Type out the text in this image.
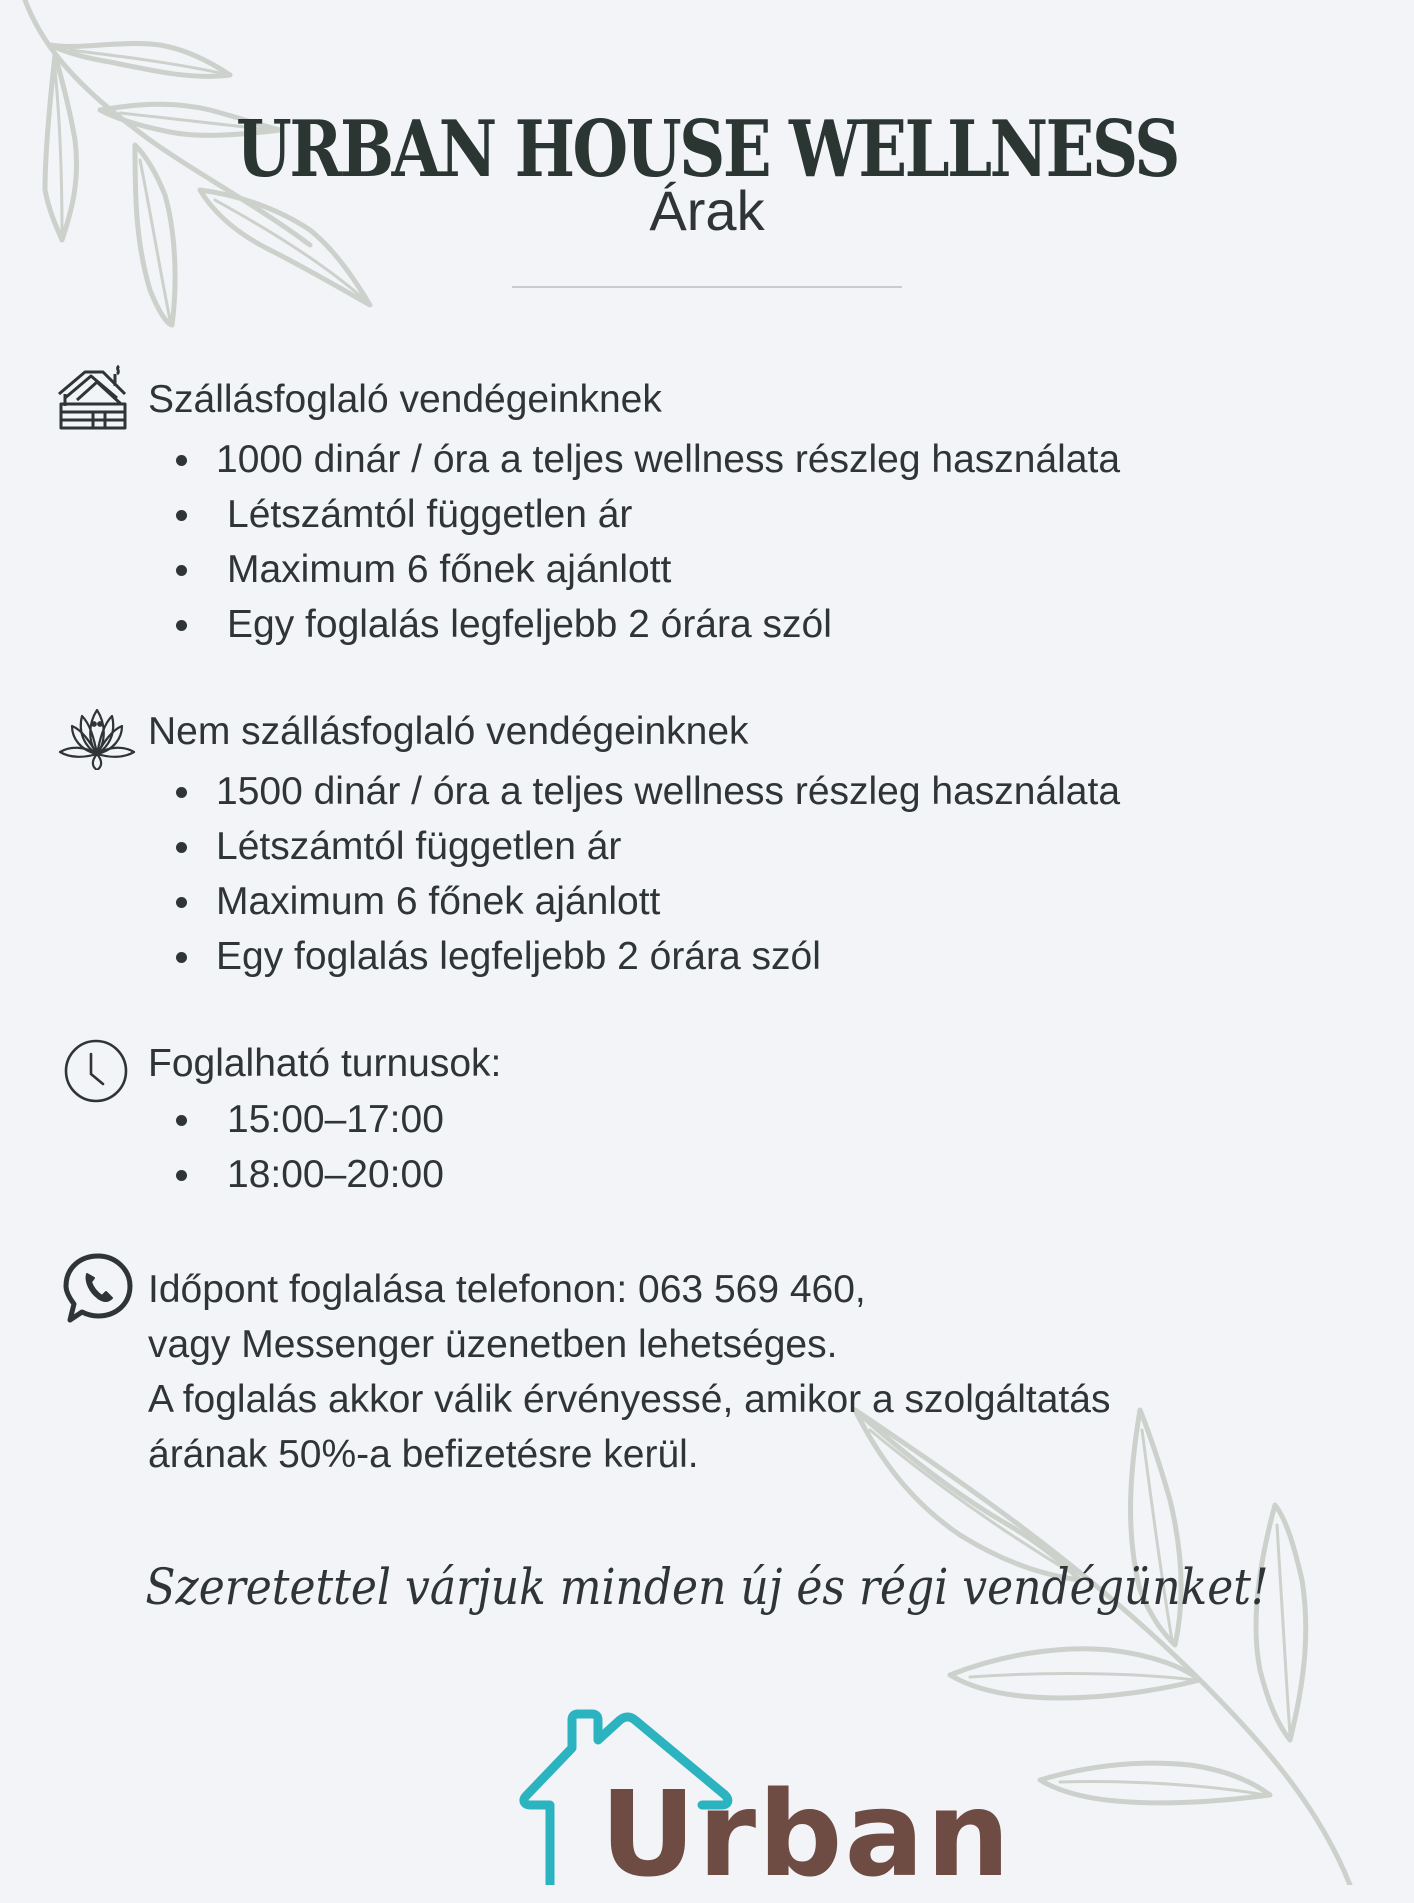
URBAN HOUSE WELLNESS
Árak
Szállásfoglaló vendégeinknek
1000 dinár / óra a teljes wellness részleg használata
Létszámtól független ár
Maximum 6 főnek ajánlott
Egy foglalás legfeljebb 2 órára szól
Nem szállásfoglaló vendégeinknek
1500 dinár / óra a teljes wellness részleg használata
Létszámtól független ár
Maximum 6 főnek ajánlott
Egy foglalás legfeljebb 2 órára szól
Foglalható turnusok:
15:00–17:00
18:00–20:00
Időpont foglalása telefonon: 063 569 460,
vagy Messenger üzenetben lehetséges.
A foglalás akkor válik érvényessé, amikor a szolgáltatás
árának 50%-a befizetésre kerül.
Szeretettel várjuk minden új és régi vendégünket!
Urban
